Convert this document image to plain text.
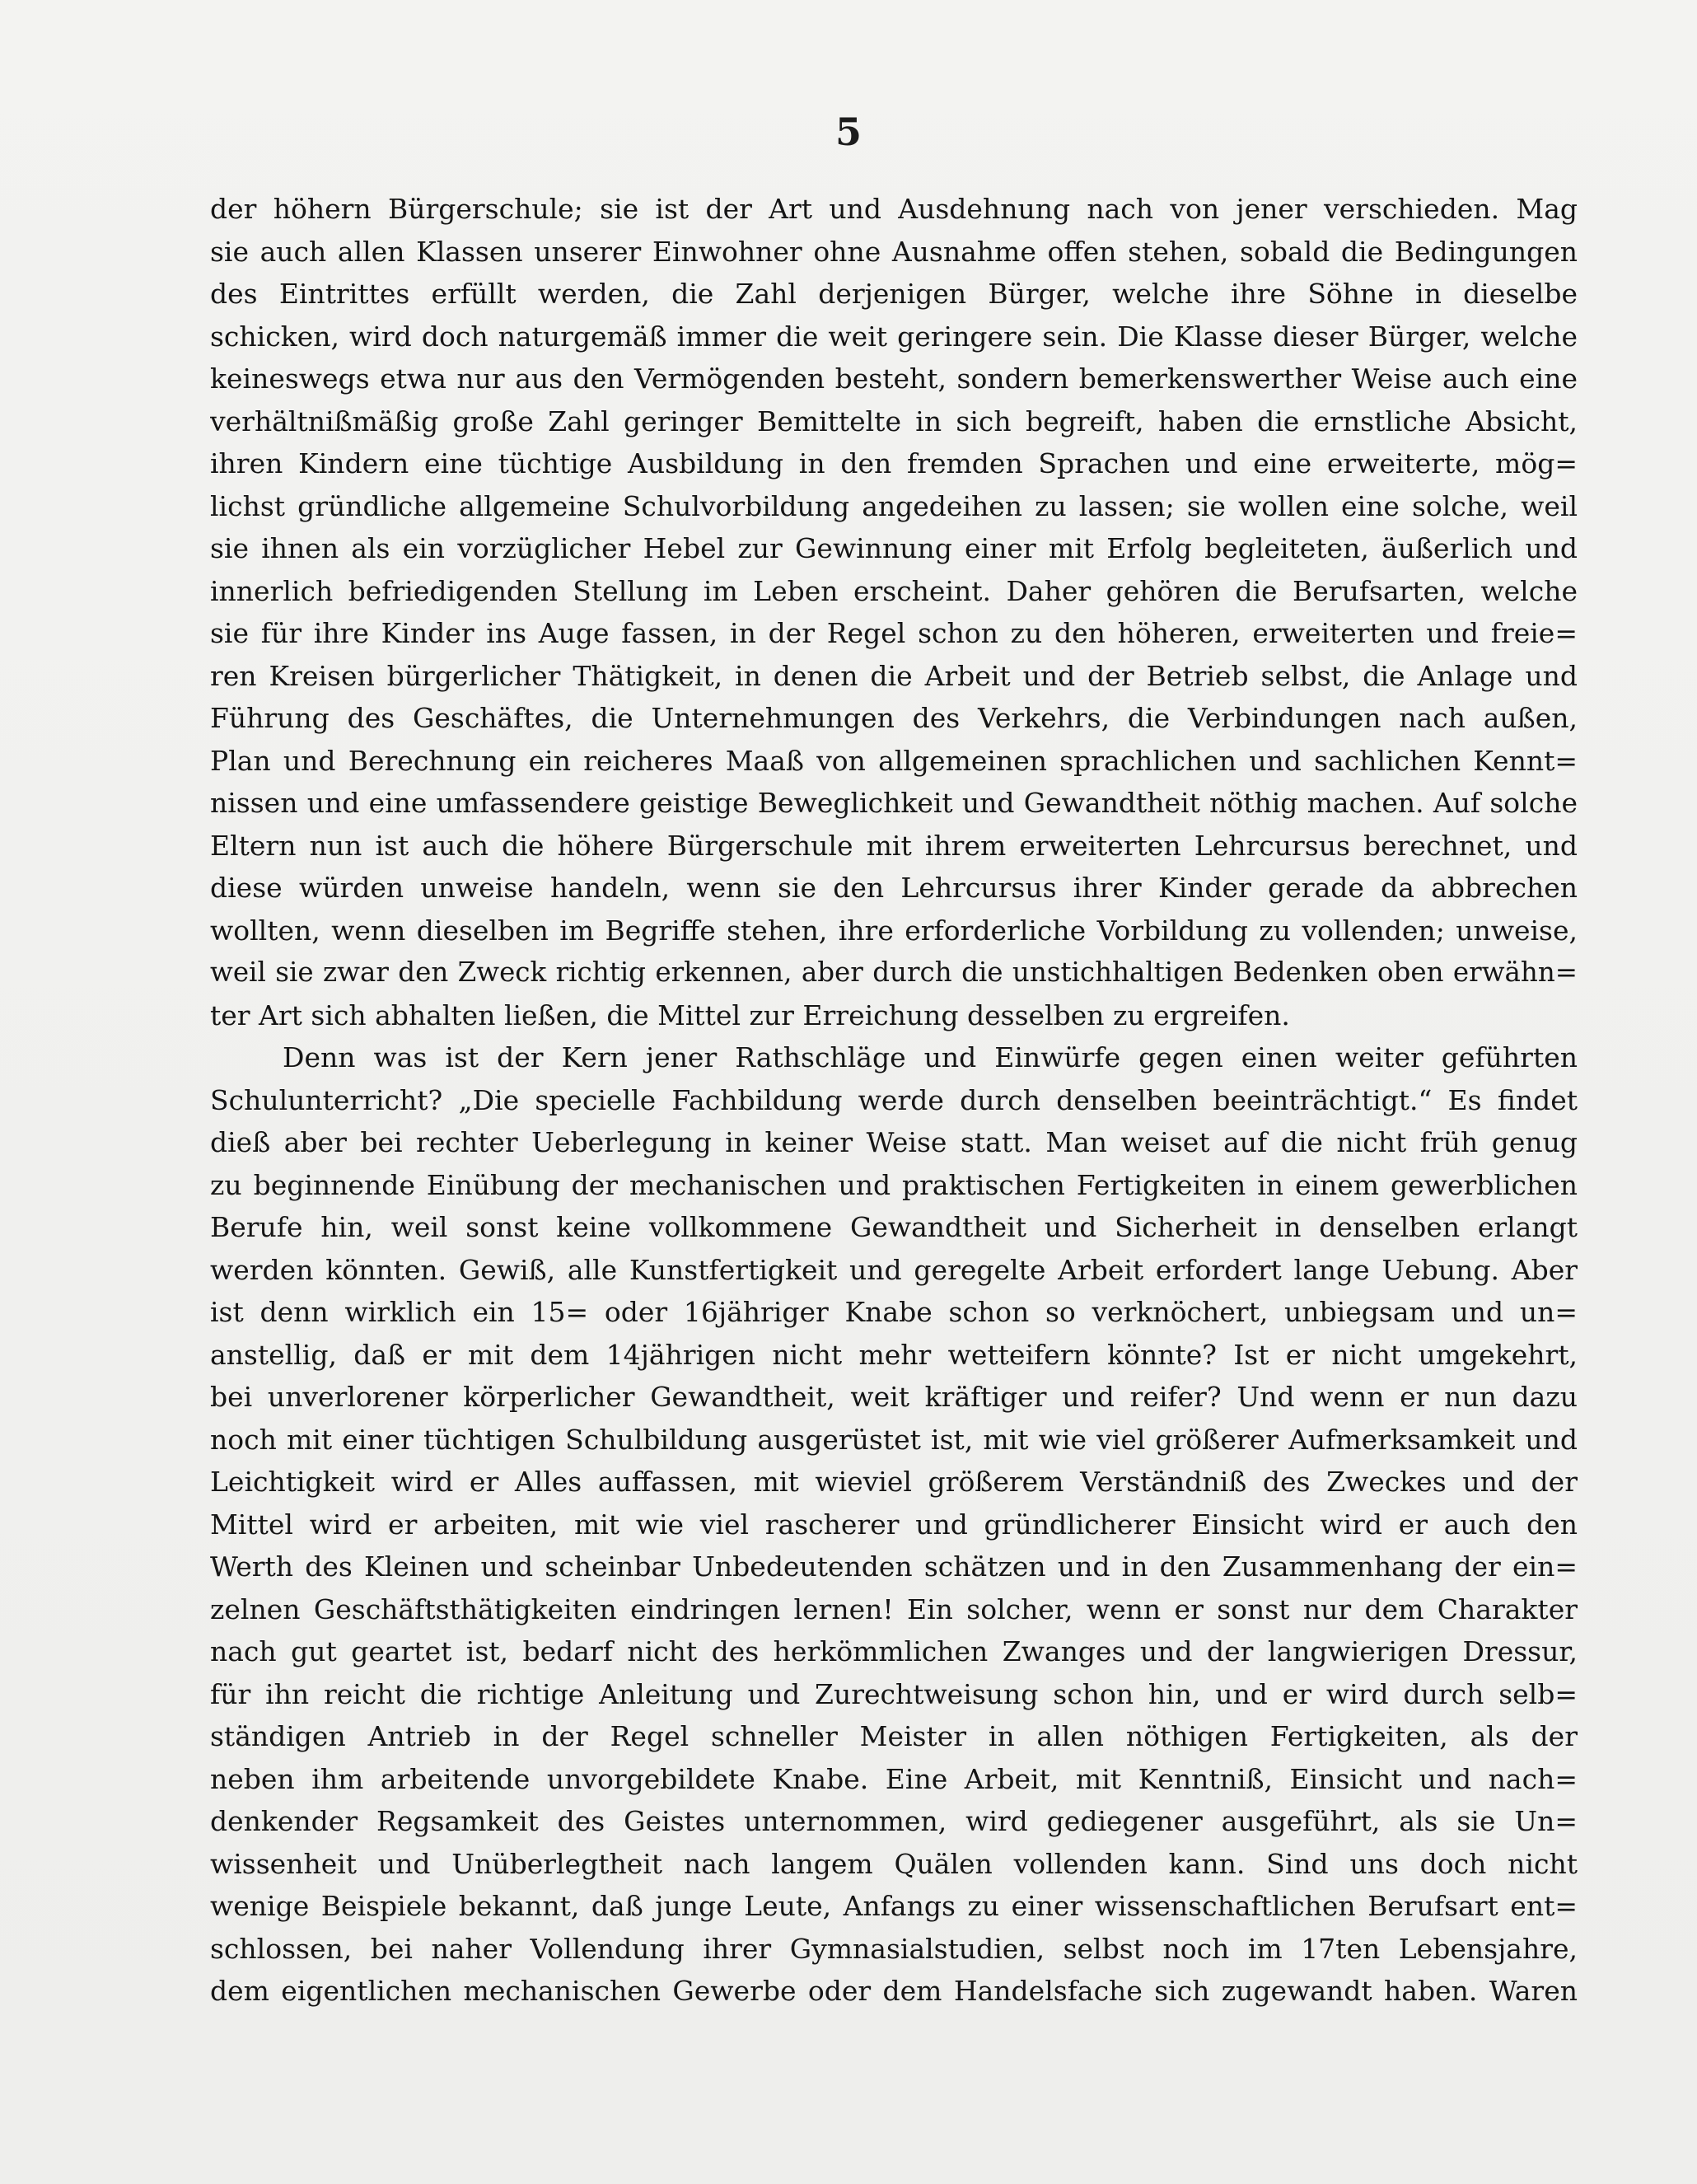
5
der höhern Bürgerschule; sie ist der Art und Ausdehnung nach von jener verschieden. Mag
sie auch allen Klassen unserer Einwohner ohne Ausnahme offen stehen, sobald die Bedingungen
des Eintrittes erfüllt werden, die Zahl derjenigen Bürger, welche ihre Söhne in dieselbe
schicken, wird doch naturgemäß immer die weit geringere sein. Die Klasse dieser Bürger, welche
keineswegs etwa nur aus den Vermögenden besteht, sondern bemerkenswerther Weise auch eine
verhältnißmäßig große Zahl geringer Bemittelte in sich begreift, haben die ernstliche Absicht,
ihren Kindern eine tüchtige Ausbildung in den fremden Sprachen und eine erweiterte, mög=
lichst gründliche allgemeine Schulvorbildung angedeihen zu lassen; sie wollen eine solche, weil
sie ihnen als ein vorzüglicher Hebel zur Gewinnung einer mit Erfolg begleiteten, äußerlich und
innerlich befriedigenden Stellung im Leben erscheint. Daher gehören die Berufsarten, welche
sie für ihre Kinder ins Auge fassen, in der Regel schon zu den höheren, erweiterten und freie=
ren Kreisen bürgerlicher Thätigkeit, in denen die Arbeit und der Betrieb selbst, die Anlage und
Führung des Geschäftes, die Unternehmungen des Verkehrs, die Verbindungen nach außen,
Plan und Berechnung ein reicheres Maaß von allgemeinen sprachlichen und sachlichen Kennt=
nissen und eine umfassendere geistige Beweglichkeit und Gewandtheit nöthig machen. Auf solche
Eltern nun ist auch die höhere Bürgerschule mit ihrem erweiterten Lehrcursus berechnet, und
diese würden unweise handeln, wenn sie den Lehrcursus ihrer Kinder gerade da abbrechen
wollten, wenn dieselben im Begriffe stehen, ihre erforderliche Vorbildung zu vollenden; unweise,
weil sie zwar den Zweck richtig erkennen, aber durch die unstichhaltigen Bedenken oben erwähn=
ter Art sich abhalten ließen, die Mittel zur Erreichung desselben zu ergreifen.
Denn was ist der Kern jener Rathschläge und Einwürfe gegen einen weiter geführten
Schulunterricht? „Die specielle Fachbildung werde durch denselben beeinträchtigt.“ Es findet
dieß aber bei rechter Ueberlegung in keiner Weise statt. Man weiset auf die nicht früh genug
zu beginnende Einübung der mechanischen und praktischen Fertigkeiten in einem gewerblichen
Berufe hin, weil sonst keine vollkommene Gewandtheit und Sicherheit in denselben erlangt
werden könnten. Gewiß, alle Kunstfertigkeit und geregelte Arbeit erfordert lange Uebung. Aber
ist denn wirklich ein 15= oder 16jähriger Knabe schon so verknöchert, unbiegsam und un=
anstellig, daß er mit dem 14jährigen nicht mehr wetteifern könnte? Ist er nicht umgekehrt,
bei unverlorener körperlicher Gewandtheit, weit kräftiger und reifer? Und wenn er nun dazu
noch mit einer tüchtigen Schulbildung ausgerüstet ist, mit wie viel größerer Aufmerksamkeit und
Leichtigkeit wird er Alles auffassen, mit wieviel größerem Verständniß des Zweckes und der
Mittel wird er arbeiten, mit wie viel rascherer und gründlicherer Einsicht wird er auch den
Werth des Kleinen und scheinbar Unbedeutenden schätzen und in den Zusammenhang der ein=
zelnen Geschäftsthätigkeiten eindringen lernen! Ein solcher, wenn er sonst nur dem Charakter
nach gut geartet ist, bedarf nicht des herkömmlichen Zwanges und der langwierigen Dressur,
für ihn reicht die richtige Anleitung und Zurechtweisung schon hin, und er wird durch selb=
ständigen Antrieb in der Regel schneller Meister in allen nöthigen Fertigkeiten, als der
neben ihm arbeitende unvorgebildete Knabe. Eine Arbeit, mit Kenntniß, Einsicht und nach=
denkender Regsamkeit des Geistes unternommen, wird gediegener ausgeführt, als sie Un=
wissenheit und Unüberlegtheit nach langem Quälen vollenden kann. Sind uns doch nicht
wenige Beispiele bekannt, daß junge Leute, Anfangs zu einer wissenschaftlichen Berufsart ent=
schlossen, bei naher Vollendung ihrer Gymnasialstudien, selbst noch im 17ten Lebensjahre,
dem eigentlichen mechanischen Gewerbe oder dem Handelsfache sich zugewandt haben. Waren
